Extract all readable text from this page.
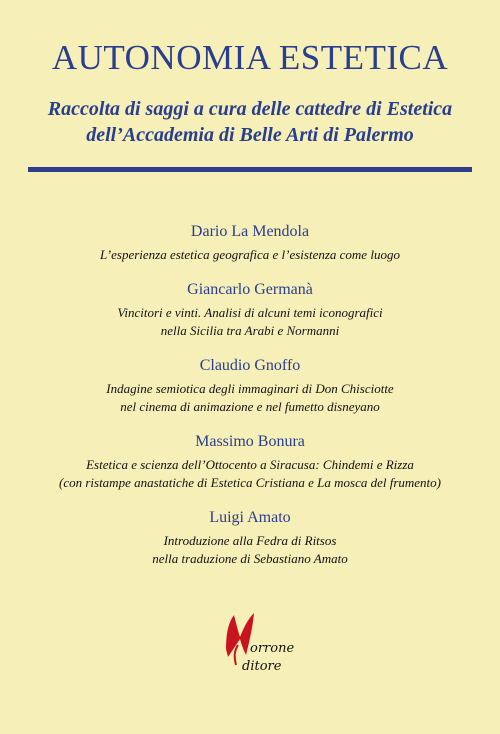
AUTONOMIA ESTETICA
Raccolta di saggi a cura delle cattedre di Estetica
dell’Accademia di Belle Arti di Palermo
Dario La Mendola
L’esperienza estetica geografica e l’esistenza come luogo
Giancarlo Germanà
Vincitori e vinti. Analisi di alcuni temi iconografici
nella Sicilia tra Arabi e Normanni
Claudio Gnoffo
Indagine semiotica degli immaginari di Don Chisciotte
nel cinema di animazione e nel fumetto disneyano
Massimo Bonura
Estetica e scienza dell’Ottocento a Siracusa: Chindemi e Rizza
(con ristampe anastatiche di Estetica Cristiana e La mosca del frumento)
Luigi Amato
Introduzione alla Fedra di Ritsos
nella traduzione di Sebastiano Amato
orrone
ditore
